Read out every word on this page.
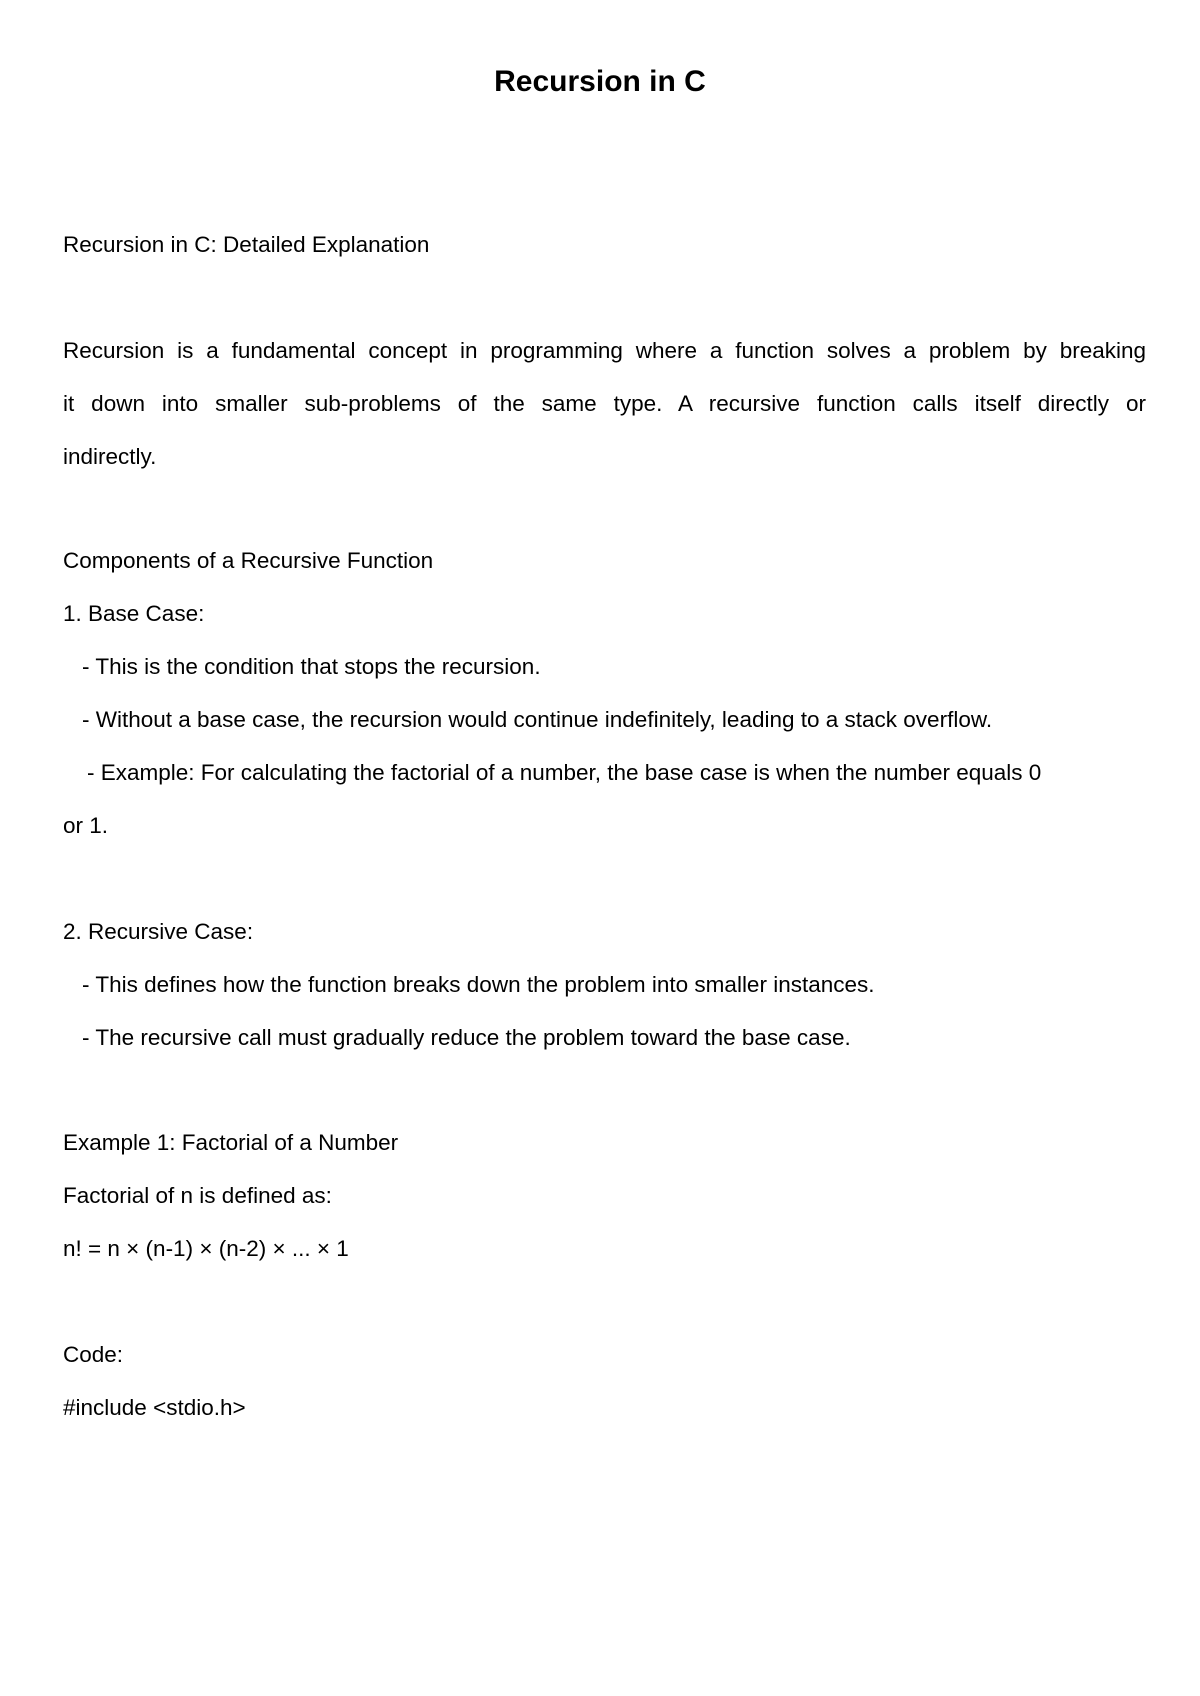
Recursion in C
Recursion in C: Detailed Explanation
Recursion is a fundamental concept in programming where a function solves a problem by breaking
it down into smaller sub-problems of the same type. A recursive function calls itself directly or
indirectly.
Components of a Recursive Function
1. Base Case:
- This is the condition that stops the recursion.
- Without a base case, the recursion would continue indefinitely, leading to a stack overflow.
- Example: For calculating the factorial of a number, the base case is when the number equals 0
or 1.
2. Recursive Case:
- This defines how the function breaks down the problem into smaller instances.
- The recursive call must gradually reduce the problem toward the base case.
Example 1: Factorial of a Number
Factorial of n is defined as:
n! = n × (n-1) × (n-2) × ... × 1
Code:
#include <stdio.h>
